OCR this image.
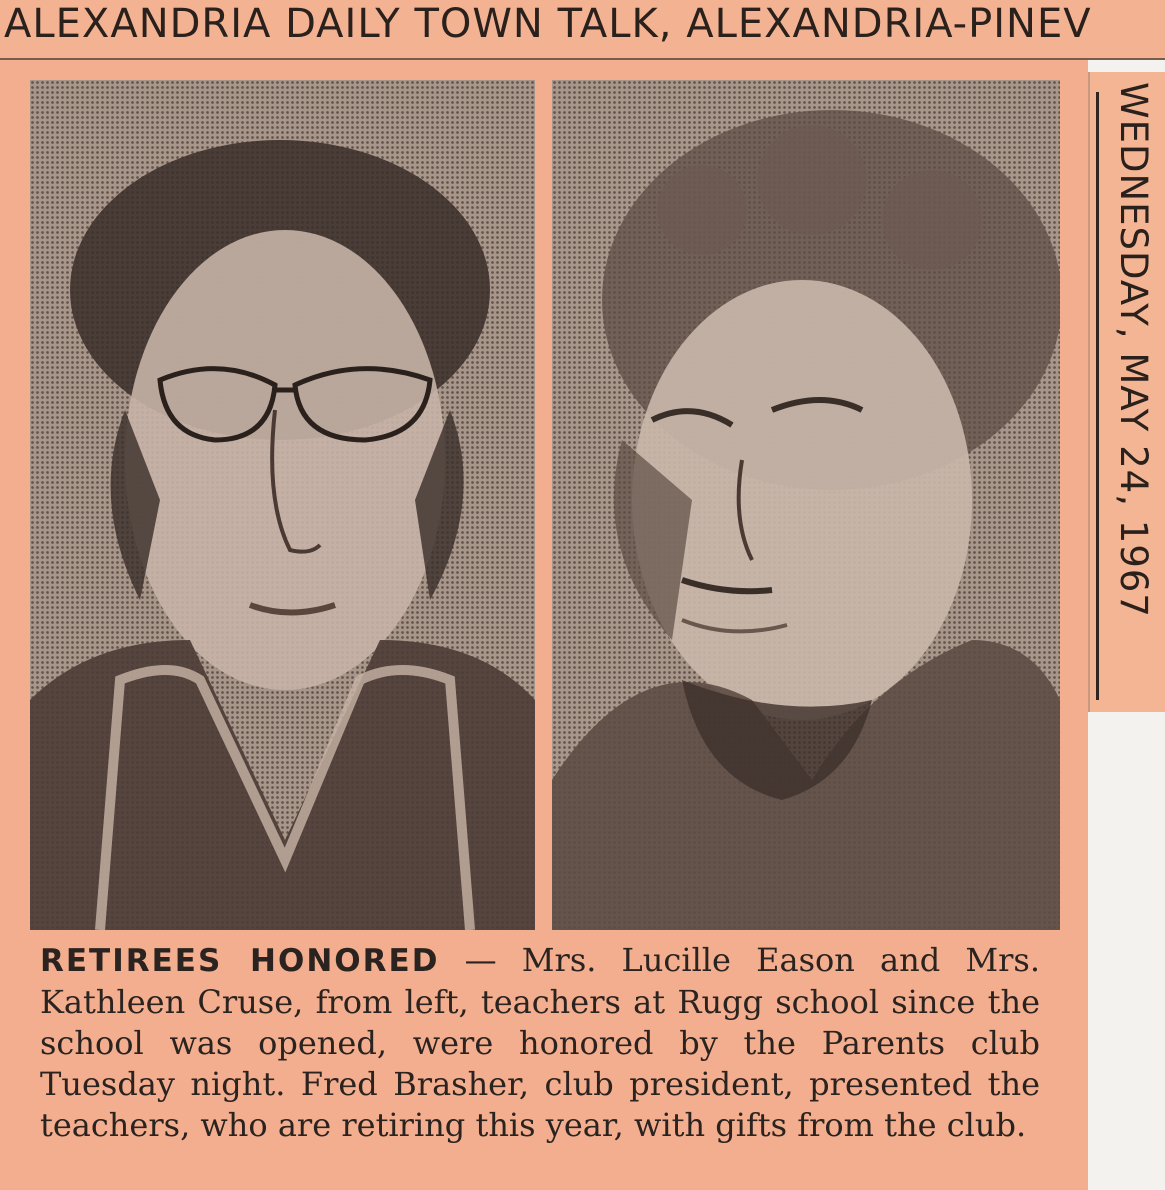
ALEXANDRIA DAILY TOWN TALK, ALEXANDRIA-PINEV
WEDNESDAY, MAY 24, 1967
RETIREES HONORED — Mrs. Lucille Eason and Mrs. Kathleen Cruse, from left, teachers at Rugg school since the school was opened, were honored by the Parents club Tuesday night. Fred Brasher, club president, presented the teachers, who are retiring this year, with gifts from the club.
